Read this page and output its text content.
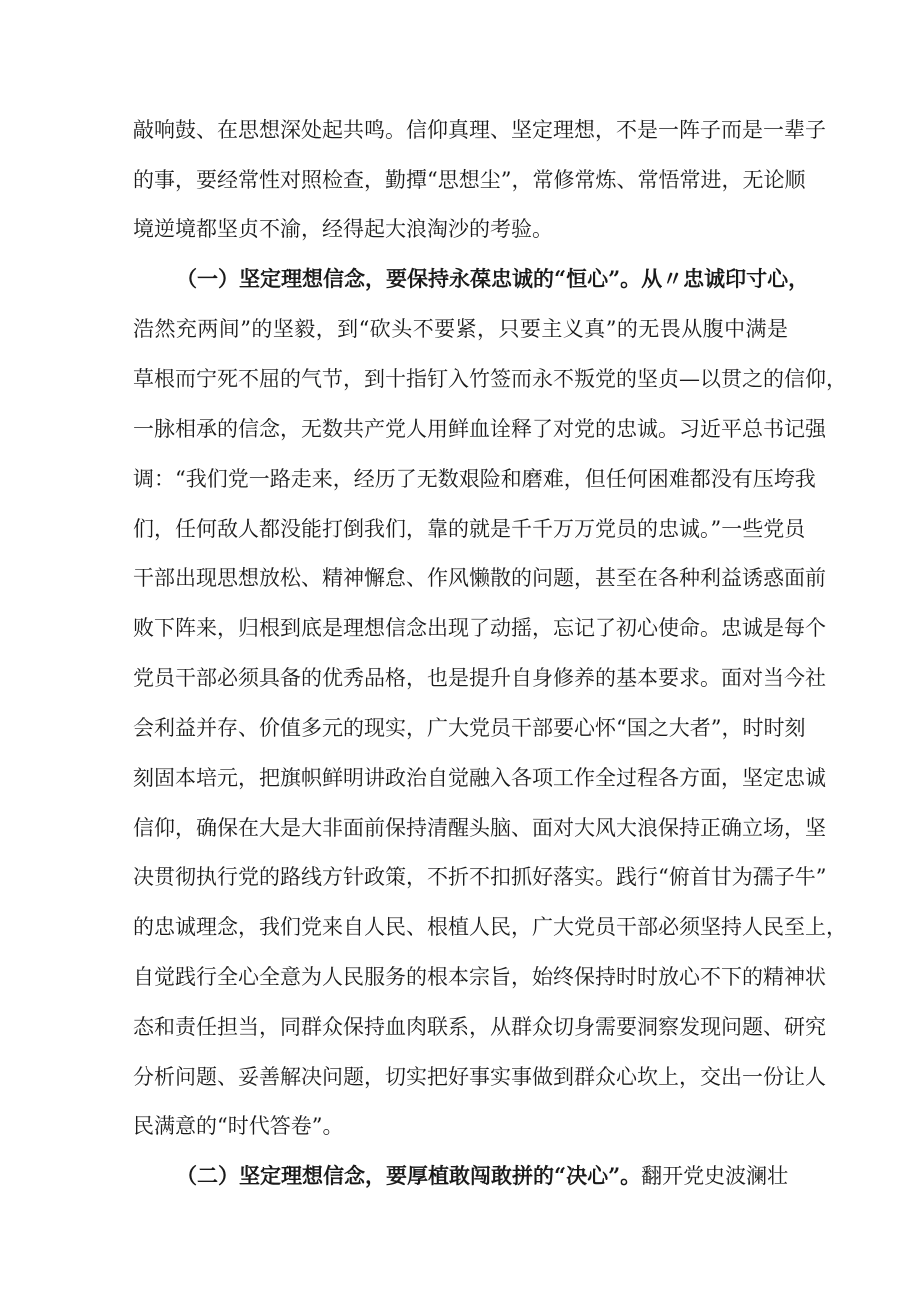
敲响鼓、在思想深处起共鸣。信仰真理、坚定理想，不是一阵子而是一辈子
的事，要经常性对照检查，勤撢“思想尘”，常修常炼、常悟常进，无论顺
境逆境都坚贞不渝，经得起大浪淘沙的考验。
（一）坚定理想信念，要保持永葆忠诚的“恒心”。从〃忠诚印寸心，
浩然充两间”的坚毅，到“砍头不要紧，只要主义真”的无畏从腹中满是
草根而宁死不屈的气节，到十指钉入竹签而永不叛党的坚贞—以贯之的信仰，
一脉相承的信念，无数共产党人用鲜血诠释了对党的忠诚。习近平总书记强
调：“我们党一路走来，经历了无数艰险和磨难，但任何困难都没有压垮我
们，任何敌人都没能打倒我们，靠的就是千千万万党员的忠诚。”一些党员
干部出现思想放松、精神懈怠、作风懒散的问题，甚至在各种利益诱惑面前
败下阵来，归根到底是理想信念出现了动摇，忘记了初心使命。忠诚是每个
党员干部必须具备的优秀品格，也是提升自身修养的基本要求。面对当今社
会利益并存、价值多元的现实，广大党员干部要心怀“国之大者”，时时刻
刻固本培元，把旗帜鲜明讲政治自觉融入各项工作全过程各方面，坚定忠诚
信仰，确保在大是大非面前保持清醒头脑、面对大风大浪保持正确立场，坚
决贯彻执行党的路线方针政策，不折不扣抓好落实。践行“俯首甘为孺子牛”
的忠诚理念，我们党来自人民、根植人民，广大党员干部必须坚持人民至上，
自觉践行全心全意为人民服务的根本宗旨，始终保持时时放心不下的精神状
态和责任担当，同群众保持血肉联系，从群众切身需要洞察发现问题、研究
分析问题、妥善解决问题，切实把好事实事做到群众心坎上，交出一份让人
民满意的“时代答卷”。
（二）坚定理想信念，要厚植敢闯敢拼的“决心”。翻开党史波澜壮
